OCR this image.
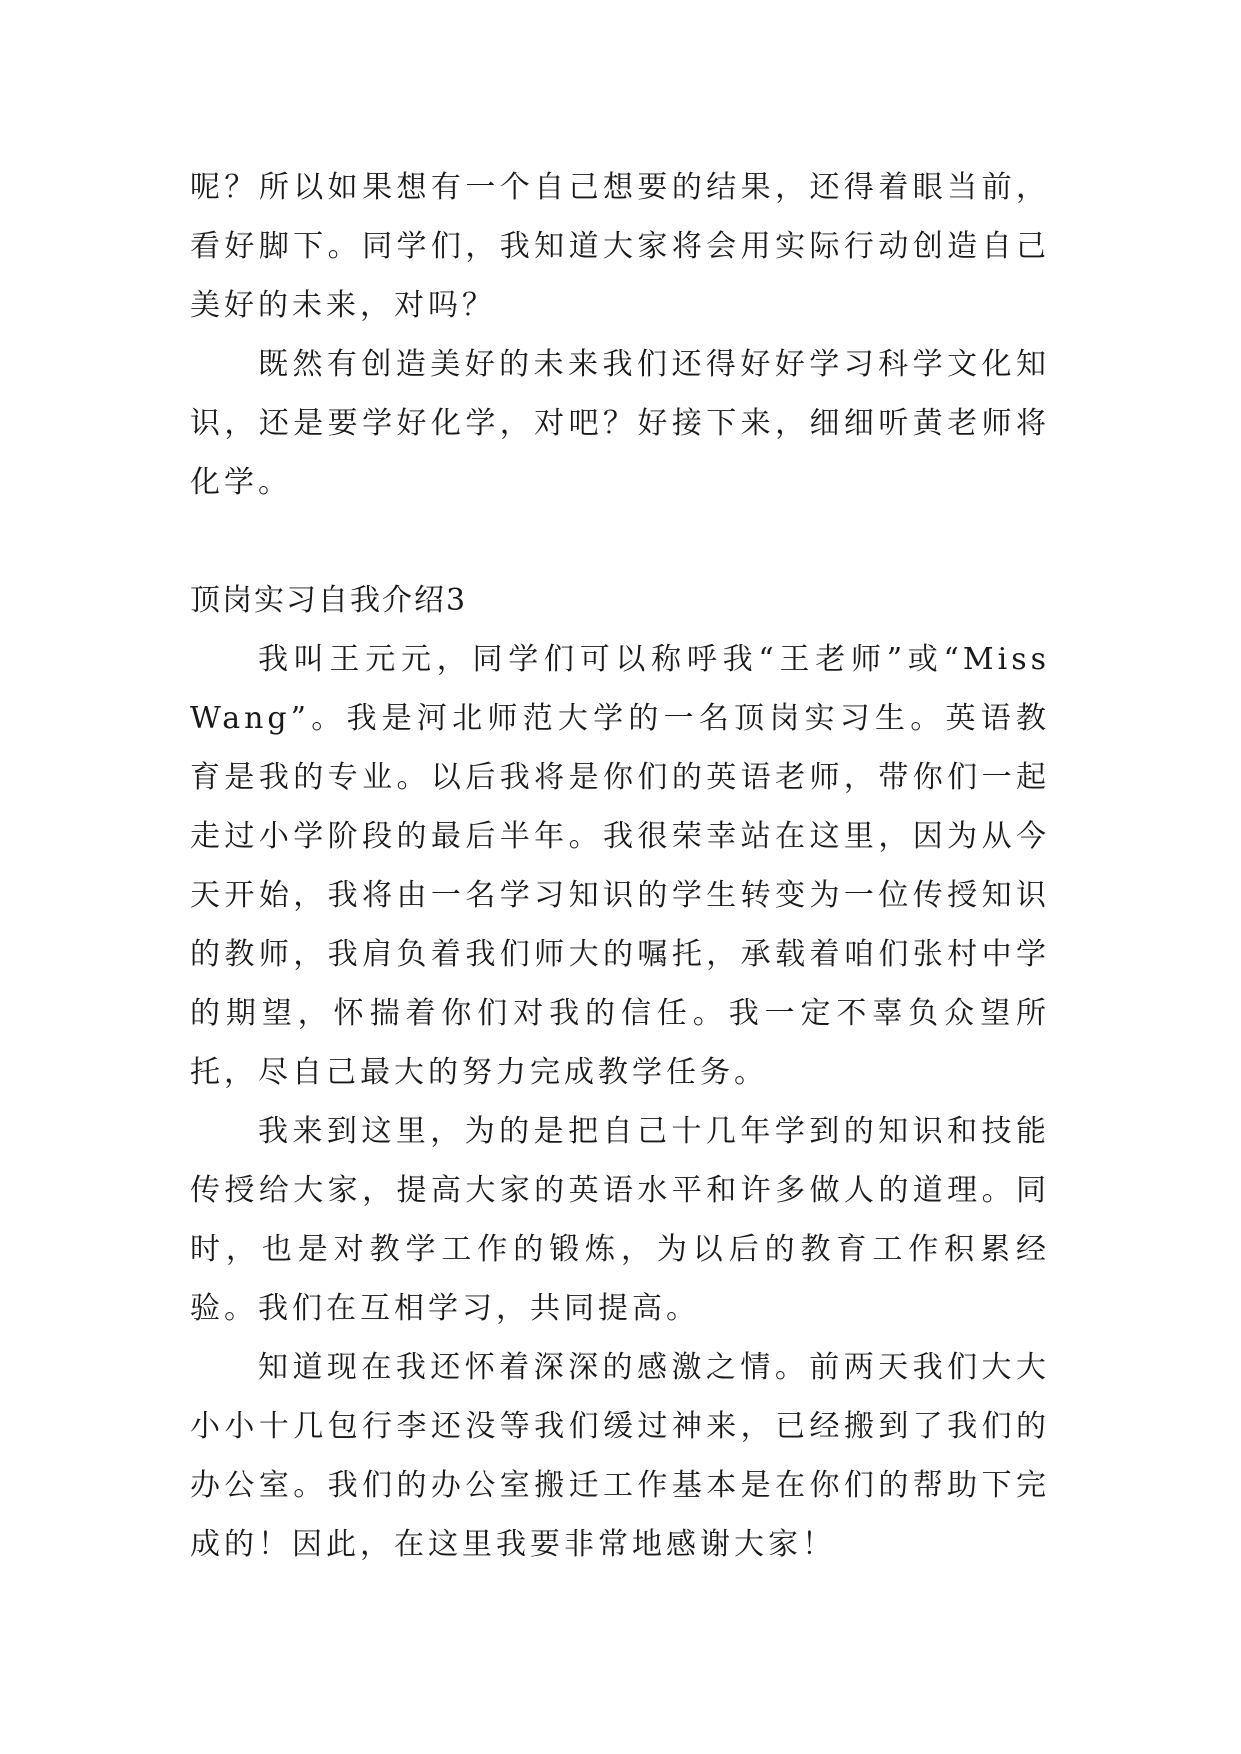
呢？所以如果想有一个自己想要的结果，还得着眼当前，看好脚下。同学们，我知道大家将会用实际行动创造自己美好的未来，对吗？

既然有创造美好的未来我们还得好好学习科学文化知识，还是要学好化学，对吧？好接下来，细细听黄老师将化学。

顶岗实习自我介绍3

我叫王元元，同学们可以称呼我“王老师”或“Miss Wang”。我是河北师范大学的一名顶岗实习生。英语教育是我的专业。以后我将是你们的英语老师，带你们一起走过小学阶段的最后半年。我很荣幸站在这里，因为从今天开始，我将由一名学习知识的学生转变为一位传授知识的教师，我肩负着我们师大的嘱托，承载着咱们张村中学的期望，怀揣着你们对我的信任。我一定不辜负众望所托，尽自己最大的努力完成教学任务。

我来到这里，为的是把自己十几年学到的知识和技能传授给大家，提高大家的英语水平和许多做人的道理。同时，也是对教学工作的锻炼，为以后的教育工作积累经验。我们在互相学习，共同提高。

知道现在我还怀着深深的感激之情。前两天我们大大小小十几包行李还没等我们缓过神来，已经搬到了我们的办公室。我们的办公室搬迁工作基本是在你们的帮助下完成的！因此，在这里我要非常地感谢大家！
